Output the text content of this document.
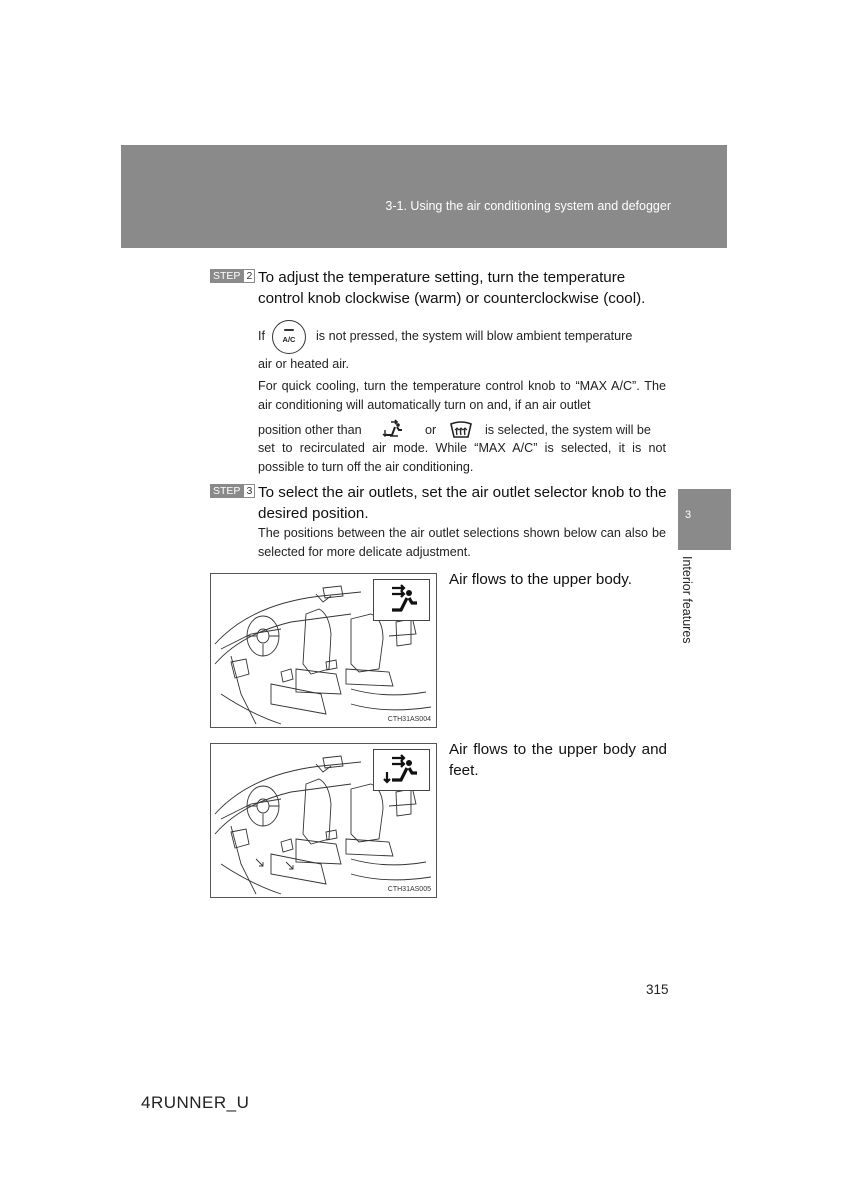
3-1. Using the air conditioning system and defogger
3
Interior features
STEP 2 To adjust the temperature setting, turn the temperature control knob clockwise (warm) or counterclockwise (cool).
If	A/C	is not pressed, the system will blow ambient temperature
air or heated air.
For quick cooling, turn the temperature control knob to “MAX A/C”. The air conditioning will automatically turn on and, if an air outlet
position other than	or	is selected, the system will be
set to recirculated air mode. While “MAX A/C” is selected, it is not possible to turn off the air conditioning.
STEP 3 To select the air outlets, set the air outlet selector knob to the desired position.
The positions between the air outlet selections shown below can also be selected for more delicate adjustment.
CTH31AS004
Air flows to the upper body.
CTH31AS005
Air flows to the upper body and feet.
315
4RUNNER_U
